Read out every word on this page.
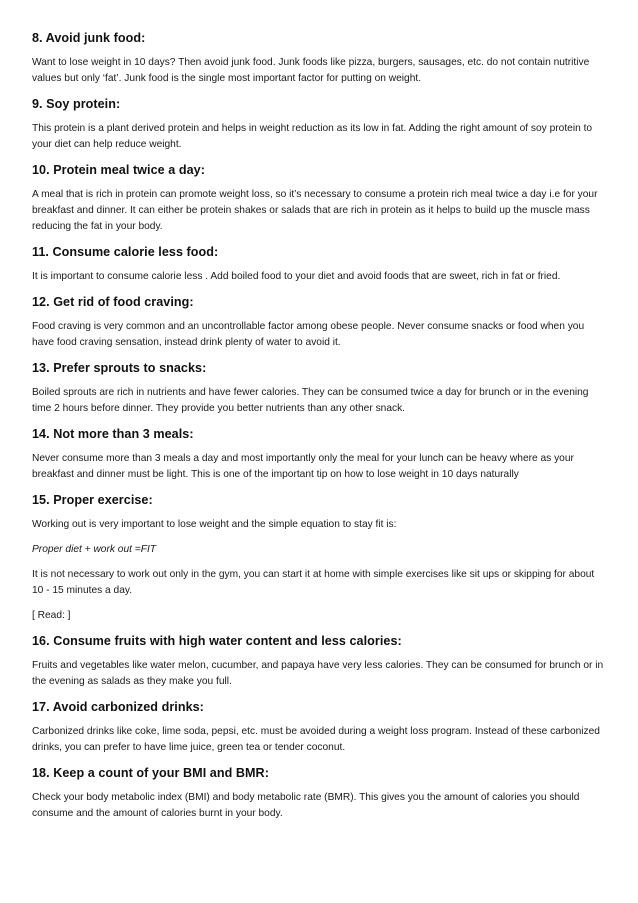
8. Avoid junk food:

Want to lose weight in 10 days? Then avoid junk food. Junk foods like pizza, burgers, sausages, etc. do not contain nutritive values but only ‘fat’. Junk food is the single most important factor for putting on weight.

9. Soy protein:

This protein is a plant derived protein and helps in weight reduction as its low in fat. Adding the right amount of soy protein to your diet can help reduce weight.

10. Protein meal twice a day:

A meal that is rich in protein can promote weight loss, so it’s necessary to consume a protein rich meal twice a day i.e for your breakfast and dinner. It can either be protein shakes or salads that are rich in protein as it helps to build up the muscle mass reducing the fat in your body.

11. Consume calorie less food:

It is important to consume calorie less . Add boiled food to your diet and avoid foods that are sweet, rich in fat or fried.

12. Get rid of food craving:

Food craving is very common and an uncontrollable factor among obese people. Never consume snacks or food when you have food craving sensation, instead drink plenty of water to avoid it.

13. Prefer sprouts to snacks:

Boiled sprouts are rich in nutrients and have fewer calories. They can be consumed twice a day for brunch or in the evening time 2 hours before dinner. They provide you better nutrients than any other snack.

14. Not more than 3 meals:

Never consume more than 3 meals a day and most importantly only the meal for your lunch can be heavy where as your breakfast and dinner must be light. This is one of the important tip on how to lose weight in 10 days naturally

15. Proper exercise:

Working out is very important to lose weight and the simple equation to stay fit is:

Proper diet + work out =FIT

It is not necessary to work out only in the gym, you can start it at home with simple exercises like sit ups or skipping for about 10 - 15 minutes a day.

[ Read: ]

16. Consume fruits with high water content and less calories:

Fruits and vegetables like water melon, cucumber, and papaya have very less calories. They can be consumed for brunch or in the evening as salads as they make you full.

17. Avoid carbonized drinks:

Carbonized drinks like coke, lime soda, pepsi, etc. must be avoided during a weight loss program. Instead of these carbonized drinks, you can prefer to have lime juice, green tea or tender coconut.

18. Keep a count of your BMI and BMR:

Check your body metabolic index (BMI) and body metabolic rate (BMR). This gives you the amount of calories you should consume and the amount of calories burnt in your body.
